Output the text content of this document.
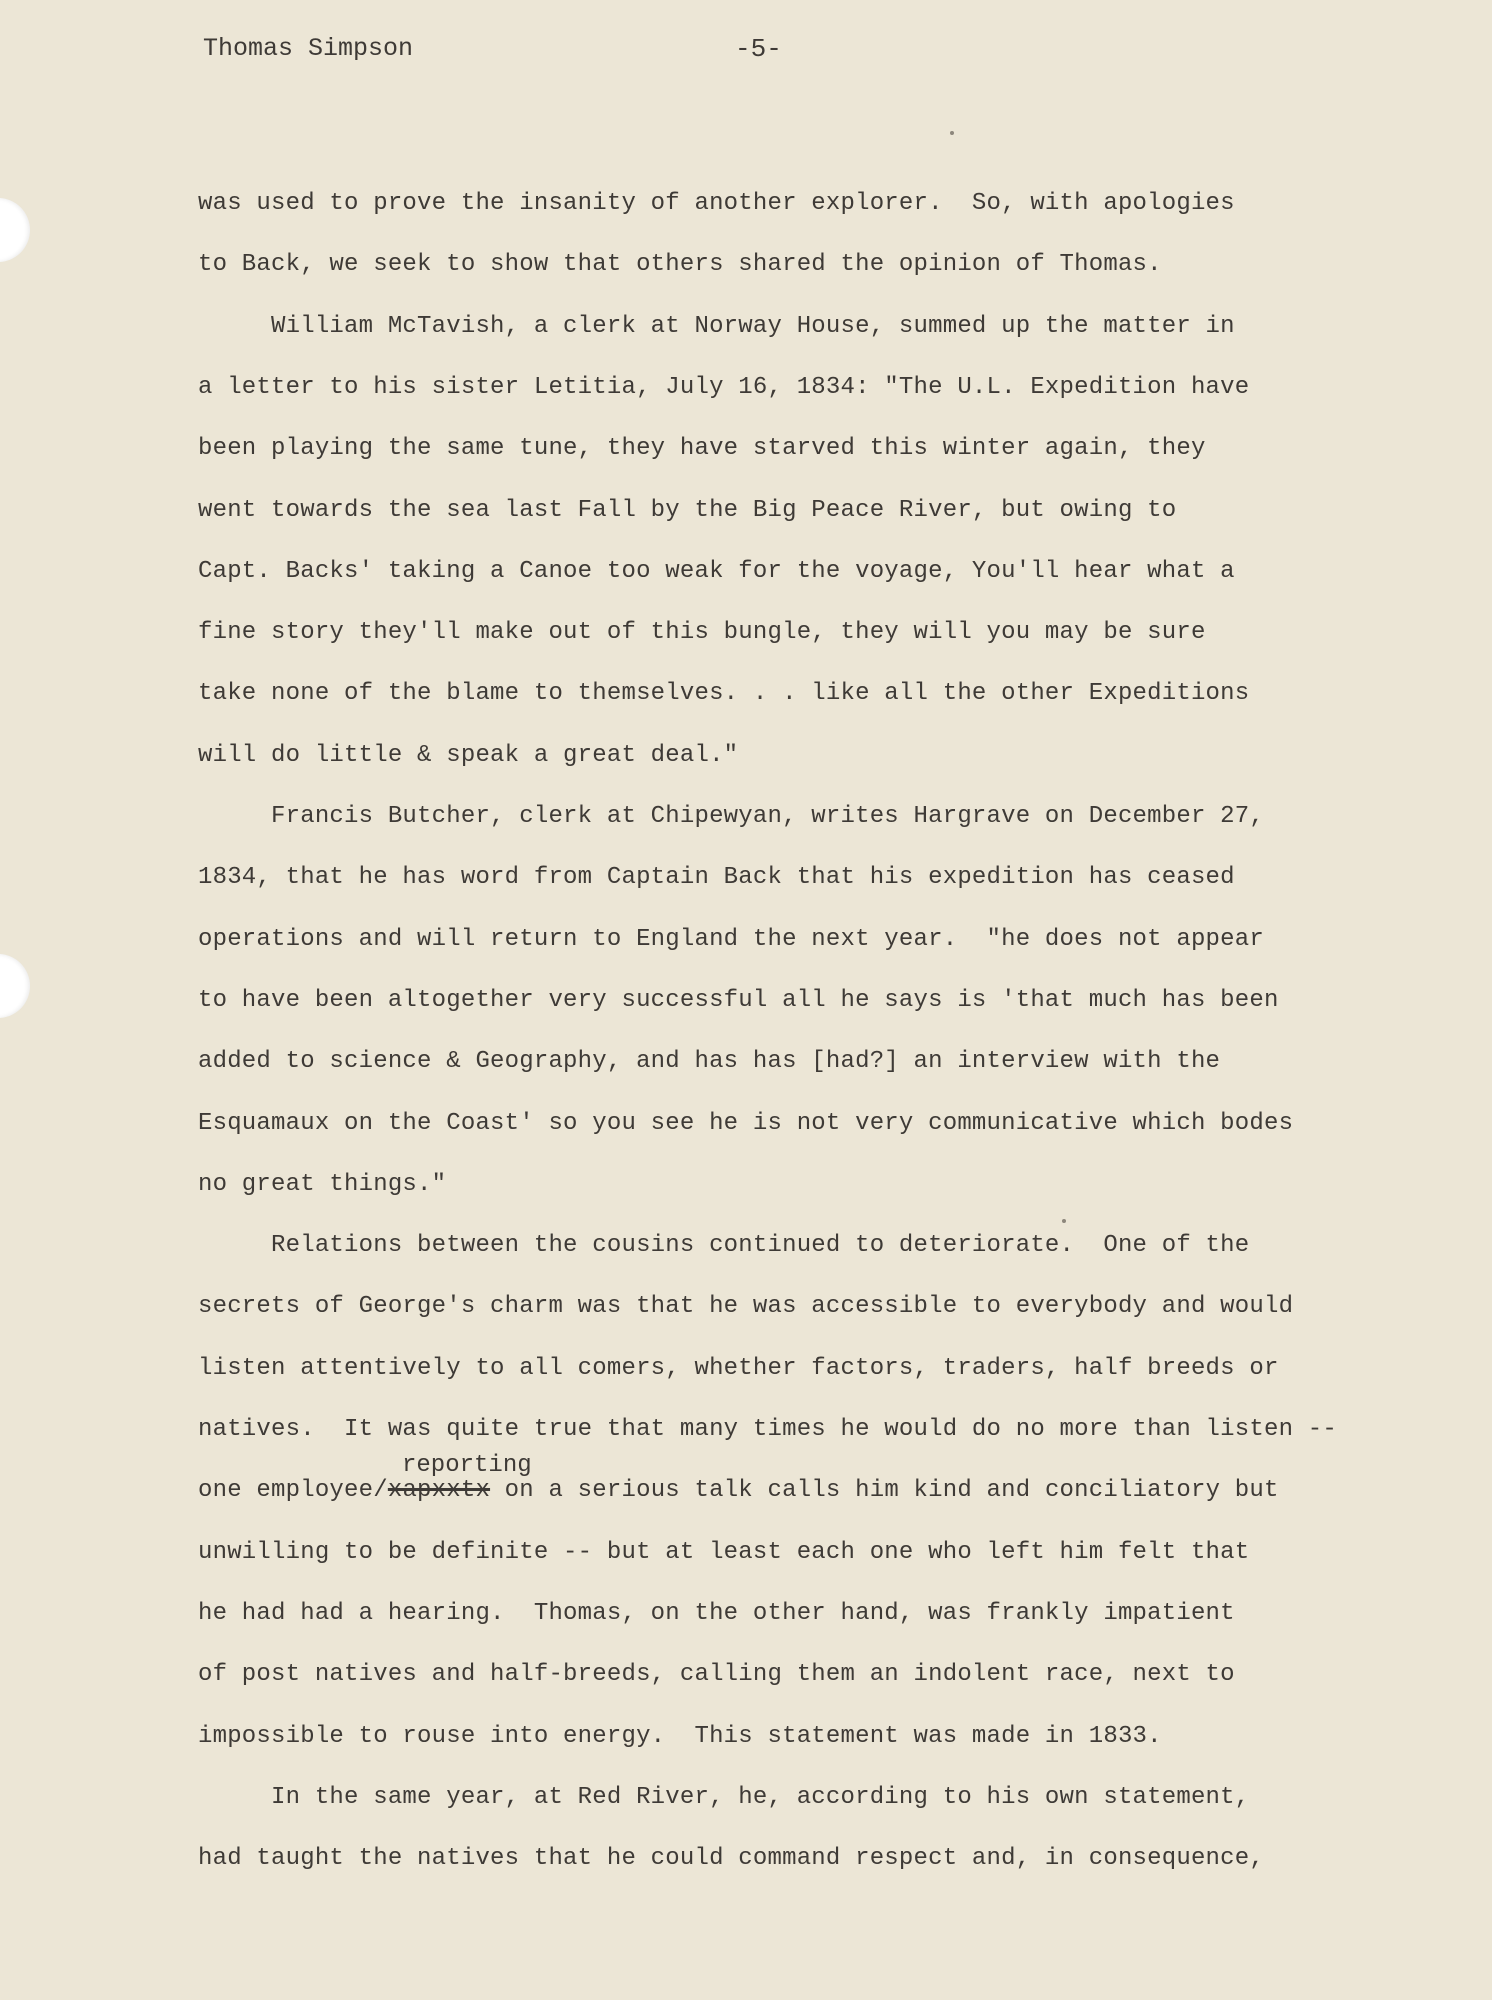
Thomas Simpson	-5-
reporting
was used to prove the insanity of another explorer.  So, with apologies
to Back, we seek to show that others shared the opinion of Thomas.
William McTavish, a clerk at Norway House, summed up the matter in
a letter to his sister Letitia, July 16, 1834: "The U.L. Expedition have
been playing the same tune, they have starved this winter again, they
went towards the sea last Fall by the Big Peace River, but owing to
Capt. Backs' taking a Canoe too weak for the voyage, You'll hear what a
fine story they'll make out of this bungle, they will you may be sure
take none of the blame to themselves. . . like all the other Expeditions
will do little & speak a great deal."
Francis Butcher, clerk at Chipewyan, writes Hargrave on December 27,
1834, that he has word from Captain Back that his expedition has ceased
operations and will return to England the next year.  "he does not appear
to have been altogether very successful all he says is 'that much has been
added to science & Geography, and has has [had?] an interview with the
Esquamaux on the Coast' so you see he is not very communicative which bodes
no great things."
Relations between the cousins continued to deteriorate.  One of the
secrets of George's charm was that he was accessible to everybody and would
listen attentively to all comers, whether factors, traders, half breeds or
natives.  It was quite true that many times he would do no more than listen --
one employee/xapxxtx on a serious talk calls him kind and conciliatory but
unwilling to be definite -- but at least each one who left him felt that
he had had a hearing.  Thomas, on the other hand, was frankly impatient
of post natives and half-breeds, calling them an indolent race, next to
impossible to rouse into energy.  This statement was made in 1833.
In the same year, at Red River, he, according to his own statement,
had taught the natives that he could command respect and, in consequence,
